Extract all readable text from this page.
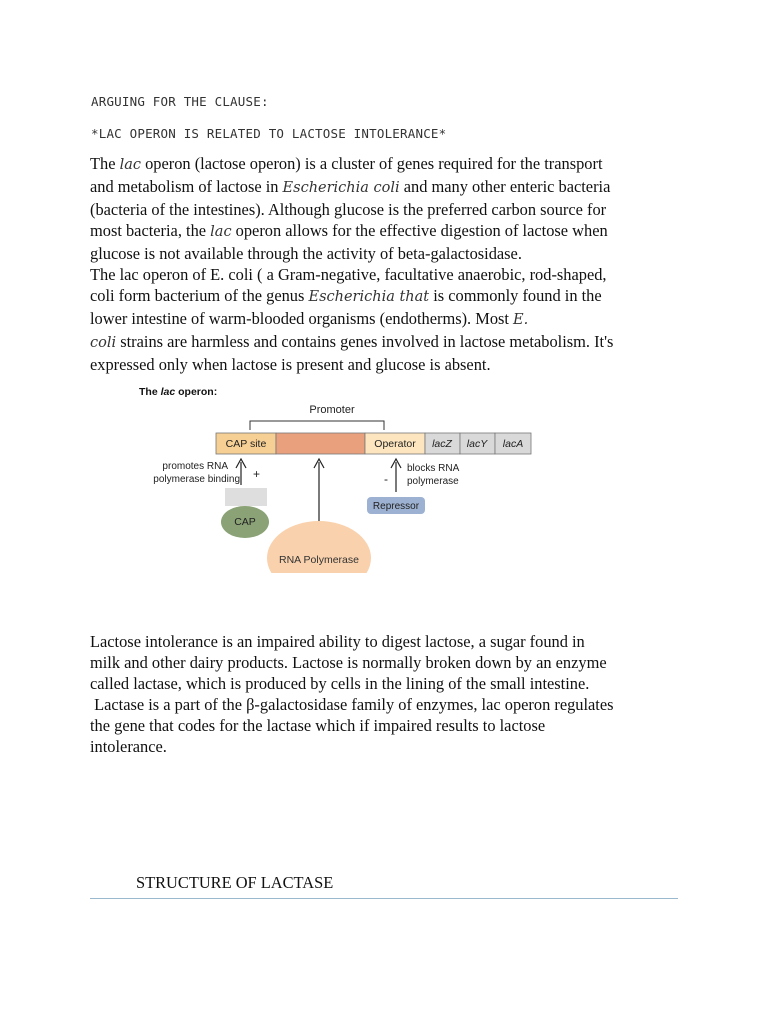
ARGUING FOR THE CLAUSE:
*LAC OPERON IS RELATED TO LACTOSE INTOLERANCE*
The lac operon (lactose operon) is a cluster of genes required for the transport
and metabolism of lactose in Escherichia coli and many other enteric bacteria
(bacteria of the intestines). Although glucose is the preferred carbon source for
most bacteria, the lac operon allows for the effective digestion of lactose when
glucose is not available through the activity of beta-galactosidase.
The lac operon of E. coli ( a Gram-negative, facultative anaerobic, rod-shaped,
coli form bacterium of the genus Escherichia that is commonly found in the
lower intestine of warm-blooded organisms (endotherms). Most E.
coli strains are harmless and contains genes involved in lactose metabolism. It's
expressed only when lactose is present and glucose is absent.
The lac operon:
Promoter
CAP site	Operator lacZ lacY lacA
+
promotes RNA
polymerase binding
CAP
RNA Polymerase
-
blocks RNA
polymerase
Repressor
Lactose intolerance is an impaired ability to digest lactose, a sugar found in
milk and other dairy products. Lactose is normally broken down by an enzyme
called lactase, which is produced by cells in the lining of the small intestine.
Lactase is a part of the β-galactosidase family of enzymes, lac operon regulates
the gene that codes for the lactase which if impaired results to lactose
intolerance.
STRUCTURE OF LACTASE
